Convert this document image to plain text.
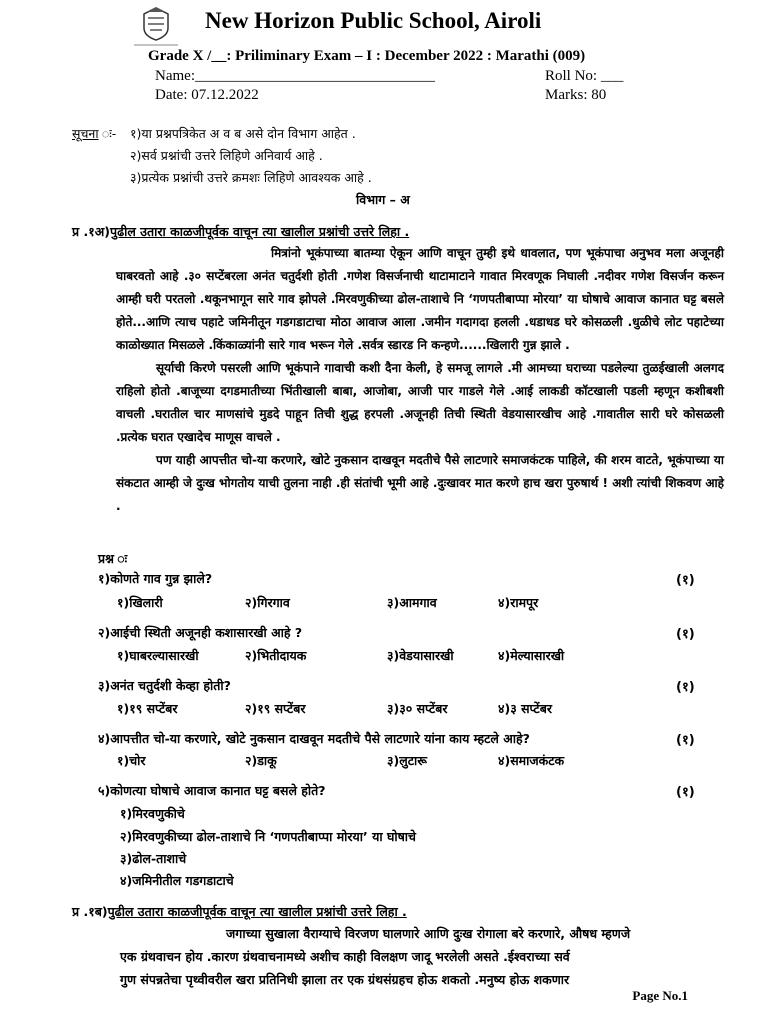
New Horizon Public School, Airoli
Grade X /__: Priliminary Exam – I : December 2022 : Marathi (009)
Name:________________________________	Roll No: ___
Date: 07.12.2022	Marks: 80
सूचना ः- १)या प्रश्नपत्रिकेत अ व ब असे दोन विभाग आहेत .
२)सर्व प्रश्नांची उत्तरे लिहिणे अनिवार्य आहे .
३)प्रत्येक प्रश्नांची उत्तरे क्रमशः लिहिणे आवश्यक आहे .
विभाग – अ
प्र .१अ)पुढील उतारा काळजीपूर्वक वाचून त्या खालील प्रश्नांची उत्तरे लिहा .
मित्रांनो भूकंपाच्या बातम्या ऐकून आणि वाचून तुम्ही इथे धावलात, पण भूकंपाचा अनुभव मला अजूनही घाबरवतो आहे .३० सप्टेंबरला अनंत चतुर्दशी होती .गणेश विसर्जनाची थाटामाटाने गावात मिरवणूक निघाली .नदीवर गणेश विसर्जन करून आम्ही घरी परतलो .थकूनभागून सारे गाव झोपले .मिरवणुकीच्या ढोल-ताशाचे नि ‘गणपतीबाप्पा मोरया’ या घोषाचे आवाज कानात घट्ट बसले होते...आणि त्याच पहाटे जमिनीतून गडगडाटाचा मोठा आवाज आला .जमीन गदागदा हलली .धडाधड घरे कोसळली .धुळीचे लोट पहाटेच्या काळोख्यात मिसळले .किंकाळ्यांनी सारे गाव भरून गेले .सर्वत्र स्‍डारड नि कन्हणे......खिलारी गुन्न झाले .
सूर्याची किरणे पसरली आणि भूकंपाने गावाची कशी दैना केली, हे समजू लागले .मी आमच्या घराच्या पडलेल्या तुळईखाली अलगद राहिलो होतो .बाजूच्या दगडमातीच्या भिंतीखाली बाबा, आजोबा, आजी पार गाडले गेले .आई लाकडी कॉटखाली पडली म्हणून कशीबशी वाचली .घरातील चार माणसांचे मुडदे पाहून तिची शुद्ध हरपली .अजूनही तिची स्थिती वेडयासारखीच आहे .गावातील सारी घरे कोसळली .प्रत्येक घरात एखादेच माणूस वाचले .
पण याही आपत्तीत चो-या करणारे, खोटे नुकसान दाखवून मदतीचे पैसे लाटणारे समाजकंटक पाहिले, की शरम वाटते, भूकंपाच्या या संकटात आम्ही जे दुःख भोगतोय याची तुलना नाही .ही संतांची भूमी आहे .दुःखावर मात करणे हाच खरा पुरुषार्थ ! अशी त्यांची शिकवण आहे .
प्रश्न ः
१)कोणते गाव गुन्न झाले?	(१)
१)खिलारी	२)गिरगाव	३)आमगाव	४)रामपूर
२)आईची स्थिती अजूनही कशासारखी आहे ?	(१)
१)घाबरल्यासारखी	२)भितीदायक	३)वेडयासारखी	४)मेल्यासारखी
३)अनंत चतुर्दशी केव्हा होती?	(१)
१)१९ सप्टेंबर	२)१९ सप्टेंबर	३)३० सप्टेंबर	४)३ सप्टेंबर
४)आपत्तीत चो-या करणारे, खोटे नुकसान दाखवून मदतीचे पैसे लाटणारे यांना काय म्हटले आहे?	(१)
१)चोर	२)डाकू	३)लुटारू	४)समाजकंटक
५)कोणत्या घोषाचे आवाज कानात घट्ट बसले होते?	(१)
१)मिरवणुकीचे
२)मिरवणुकीच्या ढोल-ताशाचे नि ‘गणपतीबाप्पा मोरया’ या घोषाचे
३)ढोल-ताशाचे
४)जमिनीतील गडगडाटाचे
प्र .१ब)पुढील उतारा काळजीपूर्वक वाचून त्या खालील प्रश्नांची उत्तरे लिहा .
जगाच्या सुखाला वैराग्याचे विरजण घालणारे आणि दुःख रोगाला बरे करणारे, औषध म्हणजे
एक ग्रंथवाचन होय .कारण ग्रंथवाचनामध्ये अशीच काही विलक्षण जादू भरलेली असते .ईश्वराच्या सर्व
गुण संपन्नतेचा पृथ्वीवरील खरा प्रतिनिधी झाला तर एक ग्रंथसंग्रहच होऊ शकतो .मनुष्य होऊ शकणार
Page No.1
